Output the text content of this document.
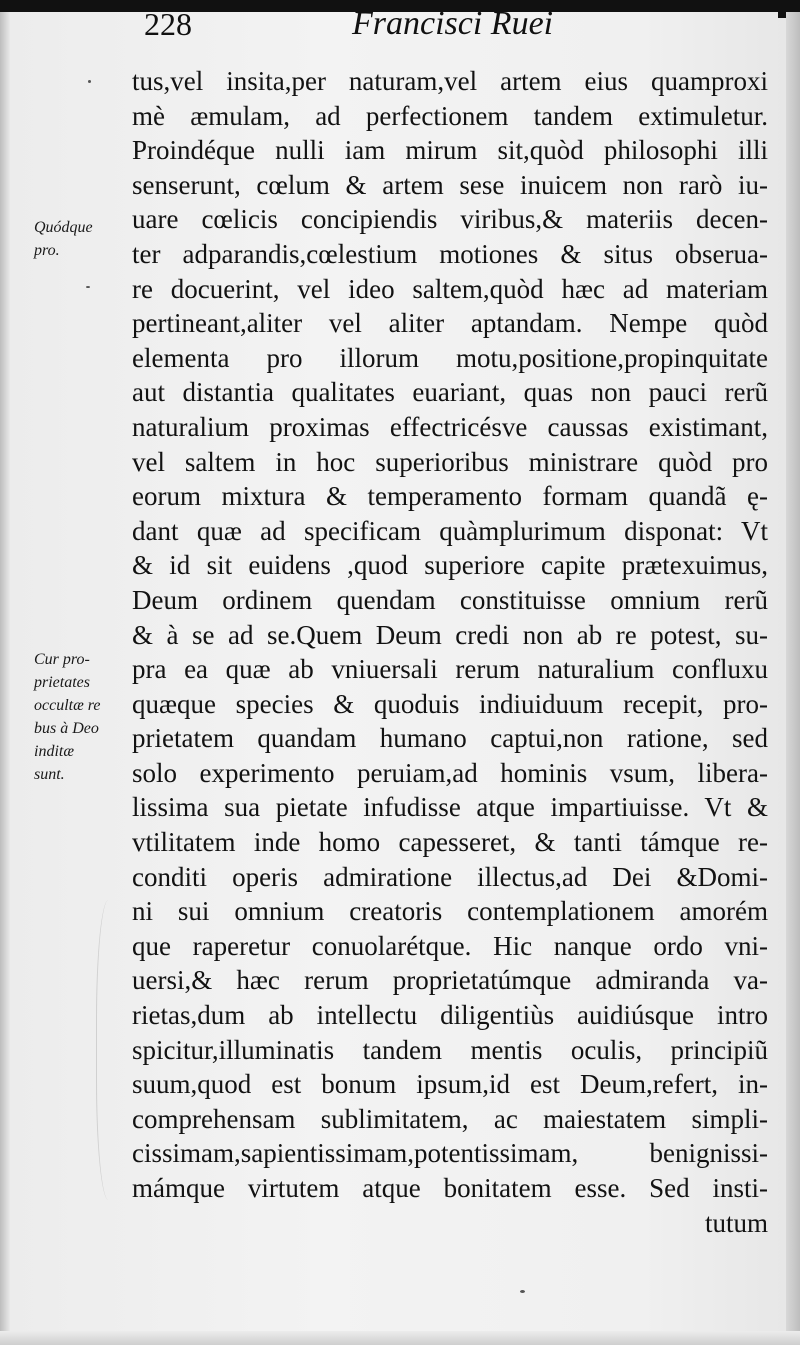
228	Francisci Ruei
Quódque
pro.
Cur pro-
prietates
occultæ re
bus à Deo
inditæ
sunt.
tus,vel insita,per naturam,vel artem eius quamproxi
mè æmulam, ad perfectionem tandem extimuletur.
Proindéque nulli iam mirum sit,quòd philosophi illi
senserunt, cœlum & artem sese inuicem non rarò iu-
uare cœlicis concipiendis viribus,& materiis decen-
ter adparandis,cœlestium motiones & situs obserua-
re docuerint, vel ideo saltem,quòd hæc ad materiam
pertineant,aliter vel aliter aptandam. Nempe quòd
elementa pro illorum motu,positione,propinquitate
aut distantia qualitates euariant, quas non pauci rerũ
naturalium proximas effectricésve caussas existimant,
vel saltem in hoc superioribus ministrare quòd pro
eorum mixtura & temperamento formam quandã ę-
dant quæ ad specificam quàmplurimum disponat: Vt
& id sit euidens ,quod superiore capite prætexuimus,
Deum ordinem quendam constituisse omnium rerũ
& à se ad se.Quem Deum credi non ab re potest, su-
pra ea quæ ab vniuersali rerum naturalium confluxu
quæque species & quoduis indiuiduum recepit, pro-
prietatem quandam humano captui,non ratione, sed
solo experimento peruiam,ad hominis vsum, libera-
lissima sua pietate infudisse atque impartiuisse. Vt &
vtilitatem inde homo capesseret, & tanti támque re-
conditi operis admiratione illectus,ad Dei &Domi-
ni sui omnium creatoris contemplationem amorém
que raperetur conuolarétque. Hic nanque ordo vni-
uersi,& hæc rerum proprietatúmque admiranda va-
rietas,dum ab intellectu diligentiùs auidiúsque intro
spicitur,illuminatis tandem mentis oculis, principiũ
suum,quod est bonum ipsum,id est Deum,refert, in-
comprehensam sublimitatem, ac maiestatem simpli-
cissimam,sapientissimam,potentissimam, benignissi-
mámque virtutem atque bonitatem esse. Sed insti-
tutum
